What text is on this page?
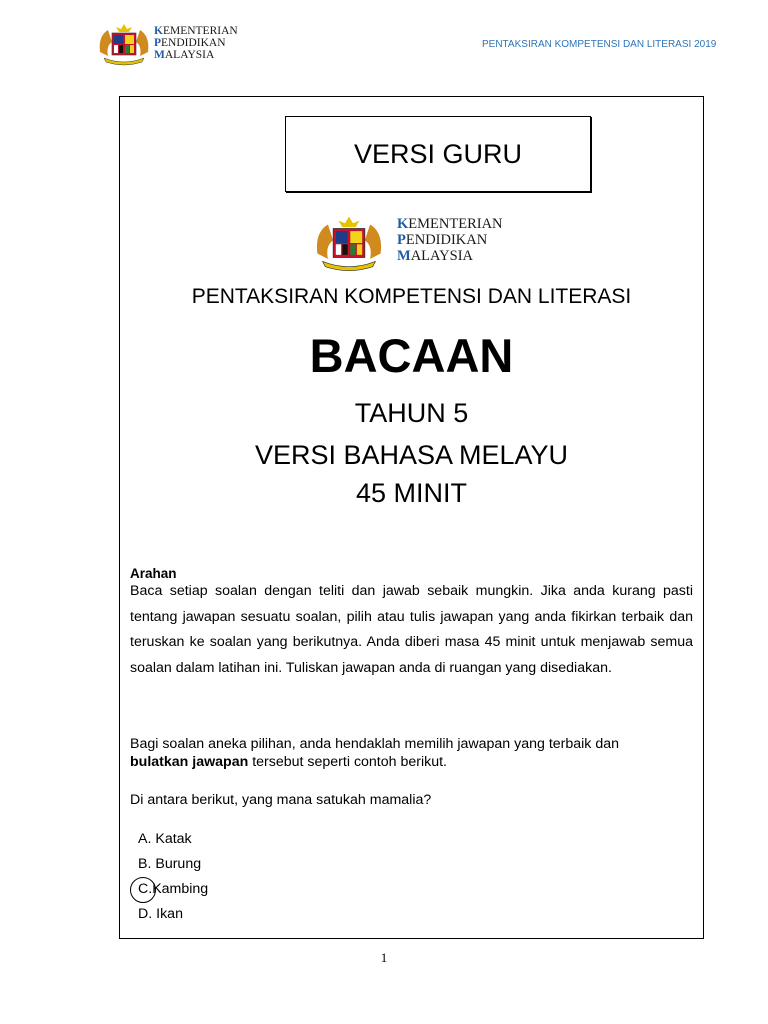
KEMENTERIAN
PENDIDIKAN
MALAYSIA
PENTAKSIRAN KOMPETENSI DAN LITERASI 2019
VERSI GURU
KEMENTERIAN
PENDIDIKAN
MALAYSIA
PENTAKSIRAN KOMPETENSI DAN LITERASI
BACAAN
TAHUN 5
VERSI BAHASA MELAYU
45 MINIT
Arahan
Baca setiap soalan dengan teliti dan jawab sebaik mungkin. Jika anda kurang pasti tentang jawapan sesuatu soalan, pilih atau tulis jawapan yang anda fikirkan terbaik dan teruskan ke soalan yang berikutnya. Anda diberi masa 45 minit untuk menjawab semua soalan dalam latihan ini. Tuliskan jawapan anda di ruangan yang disediakan.
Bagi soalan aneka pilihan, anda hendaklah memilih jawapan yang terbaik dan
bulatkan jawapan tersebut seperti contoh berikut.
Di antara berikut, yang mana satukah mamalia?
A. Katak
B. Burung
C.Kambing
D. Ikan
1
